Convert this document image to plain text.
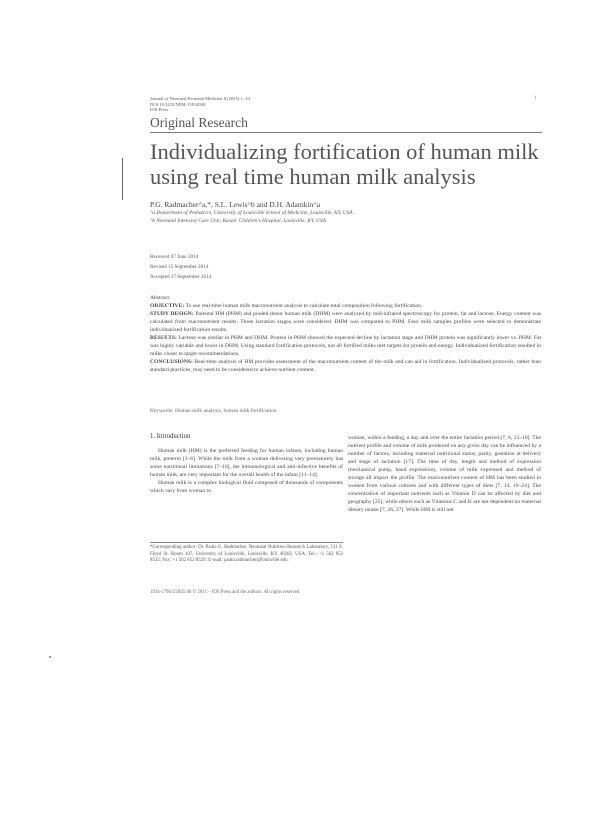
Journal of Neonatal-Perinatal Medicine 8 (2015) 1–10
DOI 10.3233/NPM-15814038
IOS Press
1
Original Research
Individualizing fortification of human milk
using real time human milk analysis
P.G. Radmacher^a,*, S.L. Lewis^b and D.H. Adamkin^a
^a Department of Pediatrics, University of Louisville School of Medicine, Louisville, KY, USA
^b Neonatal Intensive Care Unit, Kosair Children's Hospital, Louisville, KY, USA
Received 07 June 2014
Revised 15 September 2014
Accepted 17 September 2014
Abstract.
OBJECTIVE: To use real-time human milk macronutrient analysis to calculate total composition following fortification.
STUDY DESIGN: Parental HM (PHM) and pooled donor human milk (DHM) were analyzed by mid-infrared spectroscopy for protein, fat and lactose. Energy content was calculated from macronutrient results. Three lactation stages were considered. DHM was compared to PHM. Four milk samples profiles were selected to demonstrate individualized fortification results.
RESULTS: Lactose was similar in PHM and DHM. Protein in PHM showed the expected decline by lactation stage and DHM protein was significantly lower vs. PHM. Fat was highly variable and lower in DHM. Using standard fortification protocols, not all fortified milks met targets for protein and energy. Individualized fortification resulted in milks closer to target recommendations.
CONCLUSIONS: Real-time analysis of HM provides assessment of the macronutrient content of the milk and can aid in fortification. Individualized protocols, rather than standard practices, may need to be considered to achieve nutrient content.
Keywords: Human milk analysis, human milk fortification
1. Introduction

Human milk (HM) is the preferred feeding for human infants, including human milk, preterm [1–6]. While the milk from a woman delivering very prematurely has some nutritional limitations [7–10], the immunological and anti-infective benefits of human milk, are very important for the overall health of the infant [11–14].

Human milk is a complex biological fluid composed of thousands of components which vary from woman to

woman, within a feeding, a day and over the entire lactation period [7, 8, 15–18]. The nutrient profile and volume of milk produced on any given day can be influenced by a number of factors, including maternal nutritional status, parity, gestation at delivery and stage of lactation [17]. The time of day, length and method of expression (mechanical pump, hand expression), volume of milk expressed and method of storage all impact the profile. The macronutrient content of HM has been studied in women from various cultures and with different types of diets [7, 14, 19–24]. The concentration of important nutrients such as Vitamin D can be affected by diet and geography [25], while others such as Vitamins C and K are not dependent on maternal dietary intake [7, 26, 27]. While HM is still not
*Corresponding author: Dr. Paula G. Radmacher, Neonatal Nutrition Research Laboratory, 511 S. Floyd St. Room 107, University of Louisville, Louisville, KY 40202, USA. Tel.: +1 502 852 8532; Fax: +1 502 852 8529; E-mail: paula.radmacher@louisville.edu.
1934-5798/15/$35.00 © 2015 – IOS Press and the authors. All rights reserved
